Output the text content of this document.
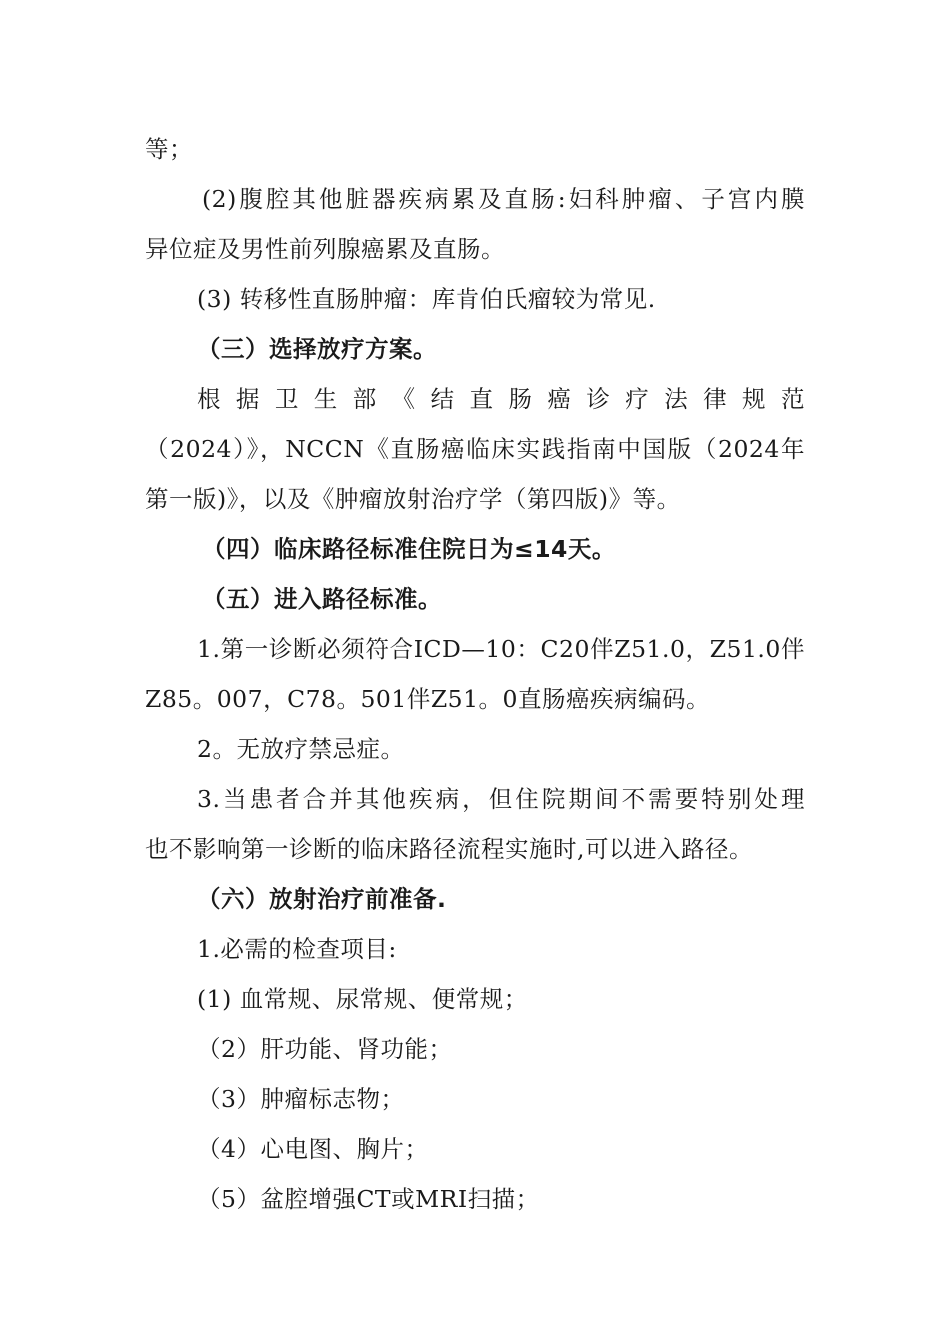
等；
(2)腹腔其他脏器疾病累及直肠:妇科肿瘤、子宫内膜
异位症及男性前列腺癌累及直肠。
(3) 转移性直肠肿瘤：库肯伯氏瘤较为常见.
（三）选择放疗方案。
根 据 卫 生 部 《 结 直 肠 癌 诊 疗 法 律 规 范
（2024）》，NCCN《直肠癌临床实践指南中国版（2024年
第一版)》，以及《肿瘤放射治疗学（第四版)》等。
（四）临床路径标准住院日为≤14天。
（五）进入路径标准。
1.第一诊断必须符合ICD—10：C20伴Z51.0，Z51.0伴
Z85。007，C78。501伴Z51。0直肠癌疾病编码。
2。无放疗禁忌症。
3.当患者合并其他疾病，但住院期间不需要特别处理
也不影响第一诊断的临床路径流程实施时,可以进入路径。
（六）放射治疗前准备.
1.必需的检查项目:
(1) 血常规、尿常规、便常规；
（2）肝功能、肾功能；
（3）肿瘤标志物；
（4）心电图、胸片；
（5）盆腔增强CT或MRI扫描；
